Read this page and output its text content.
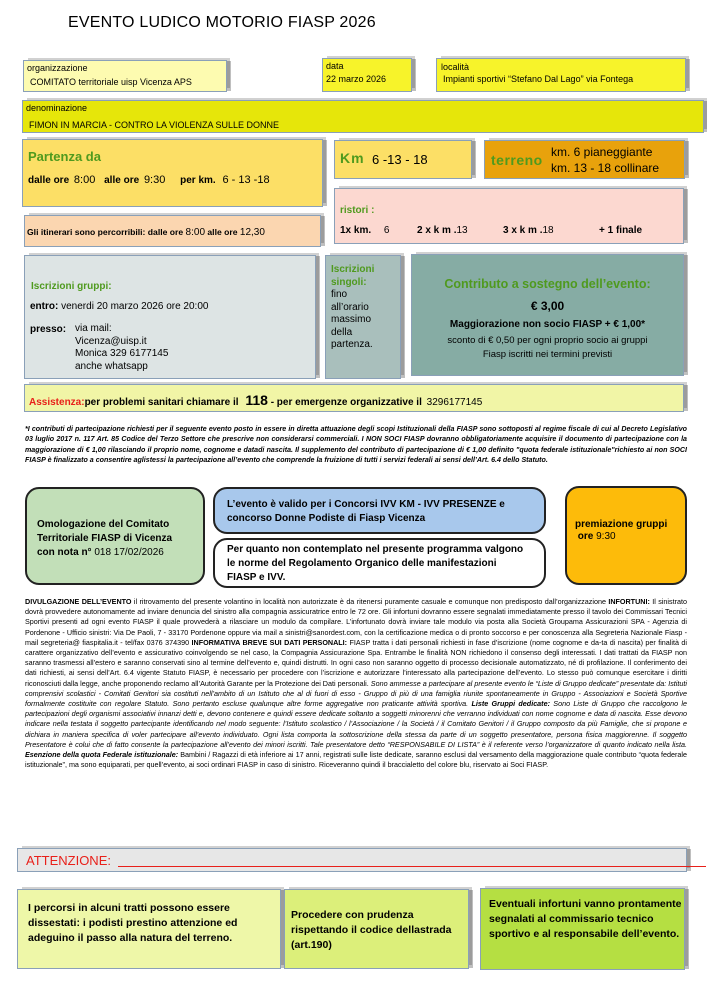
EVENTO LUDICO MOTORIO FIASP 2026
organizzazione
COMITATO territoriale uisp Vicenza APS
data
22 marzo 2026
località
Impianti sportivi “Stefano Dal Lago” via Fontega
denominazione
FIMON IN MARCIA - CONTRO LA VIOLENZA SULLE DONNE
Partenza da
dalle ore 8:00 alle ore 9:30 per km. 6 - 13 -18
Km 6 -13 - 18	terreno km. 6 pianeggiante
km. 13 - 18 collinare
ristori :
1x km. 6	2 x k m .13	3 x k m .18	+ 1 finale
Gli itinerari sono percorribili: dalle ore 8:00 alle ore 12,30
Iscrizioni gruppi:
entro: venerdi 20 marzo 2026 ore 20:00
presso: via mail:
Vicenza@uisp.it
Monica 329 6177145
anche whatsapp
Iscrizioni
singoli:
fino
all’orario
massimo
della
partenza.
Contributo a sostegno dell’evento:
€ 3,00
Maggiorazione non socio FIASP + € 1,00*
sconto di € 0,50 per ogni proprio socio ai gruppi
Fiasp iscritti nei termini previsti
Assistenza:per problemi sanitari chiamare il 118 - per emergenze organizzative il 3296177145
*I contributi di partecipazione richiesti per il seguente evento posto in essere in diretta attuazione degli scopi Istituzionali della FIASP sono sottoposti al regime fiscale di cui al Decreto Legislativo 03 luglio 2017 n. 117 Art. 85 Codice del Terzo Settore che prescrive non considerarsi commerciali. I NON SOCI FIASP dovranno obbligatoriamente acquisire il documento di partecipazione con la maggiorazione di € 1,00 rilasciando il proprio nome, cognome e datadi nascita. Il supplemento del contributo di partecipazione di € 1,00 definito "quota federale istituzionale"richiesto ai non SOCI FIASP è finalizzato a consentire aglistessi la partecipazione all’evento che comprende la fruizione di tutti i servizi federali ai sensi dell’Art. 6.4 dello Statuto.
Omologazione del Comitato
Territoriale FIASP di Vicenza
con nota n° 018 17/02/2026
L’evento è valido per i Concorsi IVV KM - IVV PRESENZE e concorso Donne Podiste di Fiasp Vicenza
Per quanto non contemplato nel presente programma valgono le norme del Regolamento Organico delle manifestazioni FIASP e IVV.
premiazione gruppi
ore 9:30
DIVULGAZIONE DELL’EVENTO il ritrovamento del presente volantino in località non autorizzate è da ritenersi puramente casuale e comunque non predisposto dall’organizzazione INFORTUNI: Il sinistrato dovrà provvedere autonomamente ad inviare denuncia del sinistro alla compagnia assicuratrice entro le 72 ore. Gli infortuni dovranno essere segnalati immediatamente presso il tavolo dei Commissari Tecnici Sportivi presenti ad ogni evento FIASP il quale provvederà a rilasciare un modulo da compilare. L’infortunato dovrà inviare tale modulo via posta alla Società Groupama Assicurazioni SPA - Agenzia di Pordenone - Ufficio sinistri: Via De Paoli, 7 - 33170 Pordenone oppure via mail a sinistri@sanordest.com, con la certificazione medica o di pronto soccorso e per conoscenza alla Segreteria Nazionale Fiasp - mail segreteria@ fiaspitalia.it - tel/fax 0376 374390 INFORMATIVA BREVE SUI DATI PERSONALI: FIASP tratta i dati personali richiesti in fase d’iscrizione (nome cognome e da-ta di nascita) per finalità di carattere organizzativo dell’evento e assicurativo coinvolgendo se nel caso, la Compagnia Assicurazione Spa. Entrambe le finalità NON richiedono il consenso degli interessati. I dati trattati da FIASP non saranno trasmessi all’estero e saranno conservati sino al termine dell’evento e, quindi distrutti. In ogni caso non saranno oggetto di processo decisionale automatizzato, né di profilazione. Il conferimento dei dati richiesti, ai sensi dell’Art. 6.4 vigente Statuto FIASP, è necessario per procedere con l’iscrizione e autorizzare l’interessato alla partecipazione dell’evento. Lo stesso può comunque esercitare i diritti riconosciuti dalla legge, anche proponendo reclamo all’Autorità Garante per la Protezione dei Dati personali. Sono ammesse a partecipare al presente evento le “Liste di Gruppo dedicate” presentate da: Istituti comprensivi scolastici - Comitati Genitori sia costituti nell’ambito di un Istituto che al di fuori di esso - Gruppo di più di una famiglia riunite spontaneamente in Gruppo - Associazioni e Società Sportive formalmente costituite con regolare Statuto. Sono pertanto escluse qualunque altre forme aggregative non praticante attività sportiva. Liste Gruppi dedicate: Sono Liste di Gruppo che raccolgono le partecipazioni degli organismi associativi innanzi detti e, devono contenere e quindi essere dedicate soltanto a soggetti minorenni che verranno individuati con nome cognome e data di nascita. Esse devono indicare nella testata il soggetto partecipante identificando nel modo seguente: l’Istituto scolastico / l’Associazione / la Società / il Comitato Genitori / il Gruppo composto da più Famiglie, che si propone e dichiara in maniera specifica di voler partecipare all’evento individuato. Ogni lista comporta la sottoscrizione della stessa da parte di un soggetto presentatore, persona fisica maggiorenne. Il soggetto Presentatore è colui che di fatto consente la partecipazione all’evento dei minori iscritti. Tale presentatore detto “RESPONSABILE DI LISTA” è il referente verso l’organizzatore di quanto indicato nella lista. Esenzione della quota Federale istituzionale: Bambini / Ragazzi di età inferiore ai 17 anni, registrati sulle liste dedicate, saranno esclusi dal versamento della maggiorazione quale contributo “quota federale istituzionale”, ma sono equiparati, per quell’evento, ai soci ordinari FIASP in caso di sinistro. Riceveranno quindi il braccialetto del colore blu, riservato ai Soci FIASP.
ATTENZIONE:
I percorsi in alcuni tratti possono essere dissestati: i podisti prestino attenzione ed adeguino il passo alla natura del terreno.
Procedere con prudenza rispettando il codice dellastrada (art.190)
Eventuali infortuni vanno prontamente segnalati al commissario tecnico sportivo e al responsabile dell’evento.
